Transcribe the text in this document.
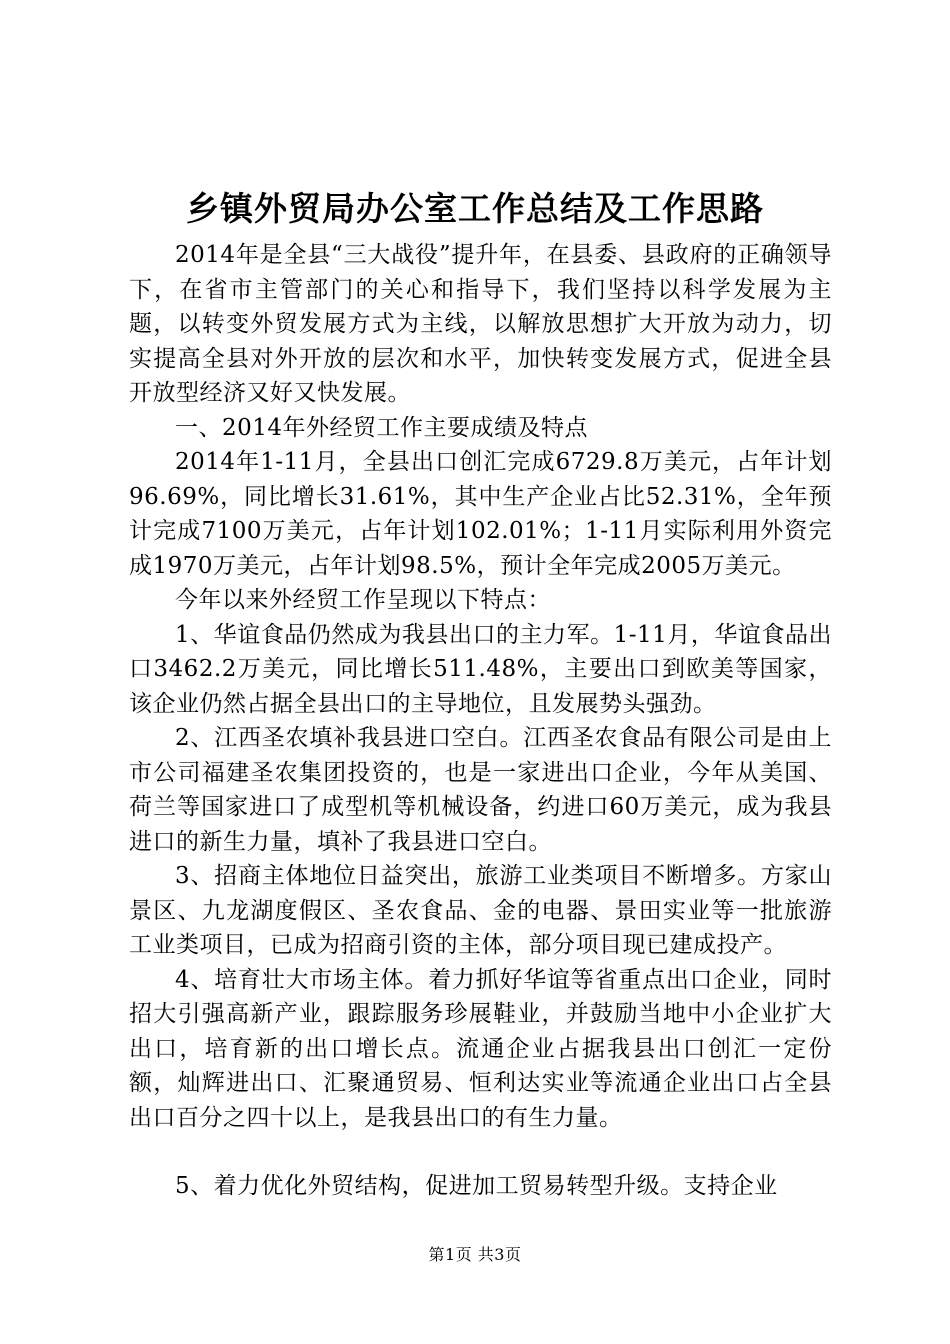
乡镇外贸局办公室工作总结及工作思路

2014年是全县“三大战役”提升年，在县委、县政府的正确领导下，在省市主管部门的关心和指导下，我们坚持以科学发展为主题，以转变外贸发展方式为主线，以解放思想扩大开放为动力，切实提高全县对外开放的层次和水平，加快转变发展方式，促进全县开放型经济又好又快发展。

一、2014年外经贸工作主要成绩及特点

2014年1-11月，全县出口创汇完成6729.8万美元，占年计划96.69%，同比增长31.61%，其中生产企业占比52.31%，全年预计完成7100万美元，占年计划102.01%；1-11月实际利用外资完成1970万美元，占年计划98.5%，预计全年完成2005万美元。

今年以来外经贸工作呈现以下特点：

1、华谊食品仍然成为我县出口的主力军。1-11月，华谊食品出口3462.2万美元，同比增长511.48%，主要出口到欧美等国家，该企业仍然占据全县出口的主导地位，且发展势头强劲。

2、江西圣农填补我县进口空白。江西圣农食品有限公司是由上市公司福建圣农集团投资的，也是一家进出口企业，今年从美国、荷兰等国家进口了成型机等机械设备，约进口60万美元，成为我县进口的新生力量，填补了我县进口空白。

3、招商主体地位日益突出，旅游工业类项目不断增多。方家山景区、九龙湖度假区、圣农食品、金的电器、景田实业等一批旅游工业类项目，已成为招商引资的主体，部分项目现已建成投产。

4、培育壮大市场主体。着力抓好华谊等省重点出口企业，同时招大引强高新产业，跟踪服务珍展鞋业，并鼓励当地中小企业扩大出口，培育新的出口增长点。流通企业占据我县出口创汇一定份额，灿辉进出口、汇聚通贸易、恒利达实业等流通企业出口占全县出口百分之四十以上，是我县出口的有生力量。

5、着力优化外贸结构，促进加工贸易转型升级。支持企业

第1页 共3页
